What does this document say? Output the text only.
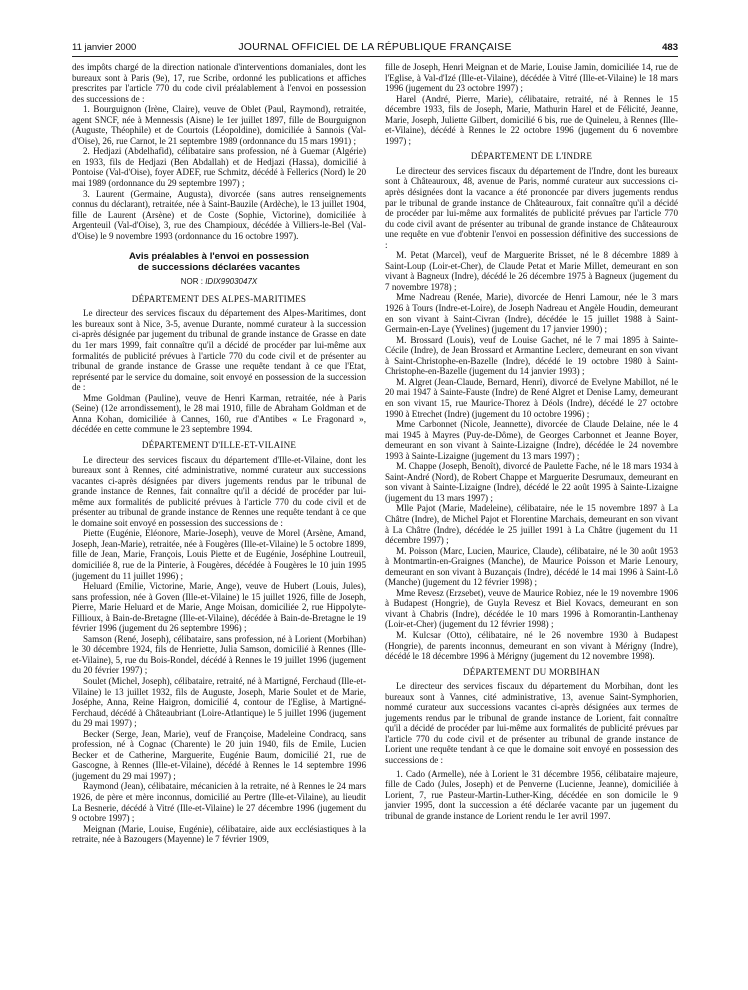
11 janvier 2000	JOURNAL OFFICIEL DE LA RÉPUBLIQUE FRANÇAISE	483

des impôts chargé de la direction nationale d'interventions domaniales, dont les bureaux sont à Paris (9e), 17, rue Scribe, ordonné les publications et affiches prescrites par l'article 770 du code civil préalablement à l'envoi en possession des successions de :

1. Bourguignon (Irène, Claire), veuve de Oblet (Paul, Raymond), retraitée, agent SNCF, née à Mennessis (Aisne) le 1er juillet 1897, fille de Bourguignon (Auguste, Théophile) et de Courtois (Léopoldine), domiciliée à Sannois (Val-d'Oise), 26, rue Carnot, le 21 septembre 1989 (ordonnance du 15 mars 1991) ;

2. Hedjazi (Abdelhafid), célibataire sans profession, né à Guemar (Algérie) en 1933, fils de Hedjazi (Ben Abdallah) et de Hedjazi (Hassa), domicilié à Pontoise (Val-d'Oise), foyer ADEF, rue Schmitz, décédé à Fellerics (Nord) le 20 mai 1989 (ordonnance du 29 septembre 1997) ;

3. Laurent (Germaine, Augusta), divorcée (sans autres renseignements connus du déclarant), retraitée, née à Saint-Bauzile (Ardèche), le 13 juillet 1904, fille de Laurent (Arsène) et de Coste (Sophie, Victorine), domiciliée à Argenteuil (Val-d'Oise), 3, rue des Champioux, décédée à Villiers-le-Bel (Val-d'Oise) le 9 novembre 1993 (ordonnance du 16 octobre 1997).

Avis préalables à l'envoi en possession
de successions déclarées vacantes
NOR : IDIX9903047X
DÉPARTEMENT DES ALPES-MARITIMES

Le directeur des services fiscaux du département des Alpes-Maritimes, dont les bureaux sont à Nice, 3-5, avenue Durante, nommé curateur à la succession ci-après désignée par jugement du tribunal de grande instance de Grasse en date du 1er mars 1999, fait connaître qu'il a décidé de procéder par lui-même aux formalités de publicité prévues à l'article 770 du code civil et de présenter au tribunal de grande instance de Grasse une requête tendant à ce que l'Etat, représenté par le service du domaine, soit envoyé en possession de la succession de :

Mme Goldman (Pauline), veuve de Henri Karman, retraitée, née à Paris (Seine) (12e arrondissement), le 28 mai 1910, fille de Abraham Goldman et de Anna Kohan, domiciliée à Cannes, 160, rue d'Antibes « Le Fragonard », décédée en cette commune le 23 septembre 1994.

DÉPARTEMENT D'ILLE-ET-VILAINE

Le directeur des services fiscaux du département d'Ille-et-Vilaine, dont les bureaux sont à Rennes, cité administrative, nommé curateur aux successions vacantes ci-après désignées par divers jugements rendus par le tribunal de grande instance de Rennes, fait connaître qu'il a décidé de procéder par lui-même aux formalités de publicité prévues à l'article 770 du code civil et de présenter au tribunal de grande instance de Rennes une requête tendant à ce que le domaine soit envoyé en possession des successions de :

Piette (Eugénie, Eléonore, Marie-Joseph), veuve de Morel (Arsène, Amand, Joseph, Jean-Marie), retraitée, née à Fougères (Ille-et-Vilaine) le 5 octobre 1899, fille de Jean, Marie, François, Louis Piette et de Eugénie, Joséphine Loutreuil, domiciliée 8, rue de la Pinterie, à Fougères, décédée à Fougères le 10 juin 1995 (jugement du 11 juillet 1996) ;

Heluard (Emilie, Victorine, Marie, Ange), veuve de Hubert (Louis, Jules), sans profession, née à Goven (Ille-et-Vilaine) le 15 juillet 1926, fille de Joseph, Pierre, Marie Heluard et de Marie, Ange Moisan, domiciliée 2, rue Hippolyte-Fillioux, à Bain-de-Bretagne (Ille-et-Vilaine), décédée à Bain-de-Bretagne le 19 février 1996 (jugement du 26 septembre 1996) ;

Samson (René, Joseph), célibataire, sans profession, né à Lorient (Morbihan) le 30 décembre 1924, fils de Henriette, Julia Samson, domicilié à Rennes (Ille-et-Vilaine), 5, rue du Bois-Rondel, décédé à Rennes le 19 juillet 1996 (jugement du 20 février 1997) ;

Soulet (Michel, Joseph), célibataire, retraité, né à Martigné, Ferchaud (Ille-et-Vilaine) le 13 juillet 1932, fils de Auguste, Joseph, Marie Soulet et de Marie, Joséphe, Anna, Reine Haigron, domicilié 4, contour de l'Eglise, à Martigné-Ferchaud, décédé à Châteaubriant (Loire-Atlantique) le 5 juillet 1996 (jugement du 29 mai 1997) ;

Becker (Serge, Jean, Marie), veuf de Françoise, Madeleine Condracq, sans profession, né à Cognac (Charente) le 20 juin 1940, fils de Emile, Lucien Becker et de Catherine, Marguerite, Eugénie Baum, domicilié 21, rue de Gascogne, à Rennes (Ille-et-Vilaine), décédé à Rennes le 14 septembre 1996 (jugement du 29 mai 1997) ;

Raymond (Jean), célibataire, mécanicien à la retraite, né à Rennes le 24 mars 1926, de père et mère inconnus, domicilié au Pertre (Ille-et-Vilaine), au lieudit La Besnerie, décédé à Vitré (Ille-et-Vilaine) le 27 décembre 1996 (jugement du 9 octobre 1997) ;

Meignan (Marie, Louise, Eugénie), célibataire, aide aux ecclésiastiques à la retraite, née à Bazougers (Mayenne) le 7 février 1909,

fille de Joseph, Henri Meignan et de Marie, Louise Jamin, domiciliée 14, rue de l'Eglise, à Val-d'Izé (Ille-et-Vilaine), décédée à Vitré (Ille-et-Vilaine) le 18 mars 1996 (jugement du 23 octobre 1997) ;

Harel (André, Pierre, Marie), célibataire, retraité, né à Rennes le 15 décembre 1933, fils de Joseph, Marie, Mathurin Harel et de Félicité, Jeanne, Marie, Joseph, Juliette Gilbert, domicilié 6 bis, rue de Quineleu, à Rennes (Ille-et-Vilaine), décédé à Rennes le 22 octobre 1996 (jugement du 6 novembre 1997) ;

DÉPARTEMENT DE L'INDRE

Le directeur des services fiscaux du département de l'Indre, dont les bureaux sont à Châteauroux, 48, avenue de Paris, nommé curateur aux successions ci-après désignées dont la vacance a été prononcée par divers jugements rendus par le tribunal de grande instance de Châteauroux, fait connaître qu'il a décidé de procéder par lui-même aux formalités de publicité prévues par l'article 770 du code civil avant de présenter au tribunal de grande instance de Châteauroux une requête en vue d'obtenir l'envoi en possession définitive des successions de :

M. Petat (Marcel), veuf de Marguerite Brisset, né le 8 décembre 1889 à Saint-Loup (Loir-et-Cher), de Claude Petat et Marie Millet, demeurant en son vivant à Bagneux (Indre), décédé le 26 décembre 1975 à Bagneux (jugement du 7 novembre 1978) ;

Mme Nadreau (Renée, Marie), divorcée de Henri Lamour, née le 3 mars 1926 à Tours (Indre-et-Loire), de Joseph Nadreau et Angèle Houdin, demeurant en son vivant à Saint-Civran (Indre), décédée le 15 juillet 1988 à Saint-Germain-en-Laye (Yvelines) (jugement du 17 janvier 1990) ;

M. Brossard (Louis), veuf de Louise Gachet, né le 7 mai 1895 à Sainte-Cécile (Indre), de Jean Brossard et Armantine Leclerc, demeurant en son vivant à Saint-Christophe-en-Bazelle (Indre), décédé le 19 octobre 1980 à Saint-Christophe-en-Bazelle (jugement du 14 janvier 1993) ;

M. Algret (Jean-Claude, Bernard, Henri), divorcé de Evelyne Mabillot, né le 20 mai 1947 à Sainte-Fauste (Indre) de René Algret et Denise Lamy, demeurant en son vivant 15, rue Maurice-Thorez à Déols (Indre), décédé le 27 octobre 1990 à Etrechet (Indre) (jugement du 10 octobre 1996) ;

Mme Carbonnet (Nicole, Jeannette), divorcée de Claude Delaine, née le 4 mai 1945 à Mayres (Puy-de-Dôme), de Georges Carbonnet et Jeanne Boyer, demeurant en son vivant à Sainte-Lizaigne (Indre), décédée le 24 novembre 1993 à Sainte-Lizaigne (jugement du 13 mars 1997) ;

M. Chappe (Joseph, Benoît), divorcé de Paulette Fache, né le 18 mars 1934 à Saint-André (Nord), de Robert Chappe et Marguerite Desrumaux, demeurant en son vivant à Sainte-Lizaigne (Indre), décédé le 22 août 1995 à Sainte-Lizaigne (jugement du 13 mars 1997) ;

Mlle Pajot (Marie, Madeleine), célibataire, née le 15 novembre 1897 à La Châtre (Indre), de Michel Pajot et Florentine Marchais, demeurant en son vivant à La Châtre (Indre), décédée le 25 juillet 1991 à La Châtre (jugement du 11 décembre 1997) ;

M. Poisson (Marc, Lucien, Maurice, Claude), célibataire, né le 30 août 1953 à Montmartin-en-Graignes (Manche), de Maurice Poisson et Marie Lenoury, demeurant en son vivant à Buzançais (Indre), décédé le 14 mai 1996 à Saint-Lô (Manche) (jugement du 12 février 1998) ;

Mme Revesz (Erzsebet), veuve de Maurice Robiez, née le 19 novembre 1906 à Budapest (Hongrie), de Guyla Revesz et Biel Kovacs, demeurant en son vivant à Chabris (Indre), décédée le 10 mars 1996 à Romorantin-Lanthenay (Loir-et-Cher) (jugement du 12 février 1998) ;

M. Kulcsar (Otto), célibataire, né le 26 novembre 1930 à Budapest (Hongrie), de parents inconnus, demeurant en son vivant à Mérigny (Indre), décédé le 18 décembre 1996 à Mérigny (jugement du 12 novembre 1998).

DÉPARTEMENT DU MORBIHAN

Le directeur des services fiscaux du département du Morbihan, dont les bureaux sont à Vannes, cité administrative, 13, avenue Saint-Symphorien, nommé curateur aux successions vacantes ci-après désignées aux termes de jugements rendus par le tribunal de grande instance de Lorient, fait connaître qu'il a décidé de procéder par lui-même aux formalités de publicité prévues par l'article 770 du code civil et de présenter au tribunal de grande instance de Lorient une requête tendant à ce que le domaine soit envoyé en possession des successions de :

1. Cado (Armelle), née à Lorient le 31 décembre 1956, célibataire majeure, fille de Cado (Jules, Joseph) et de Penverne (Lucienne, Jeanne), domiciliée à Lorient, 7, rue Pasteur-Martin-Luther-King, décédée en son domicile le 9 janvier 1995, dont la succession a été déclarée vacante par un jugement du tribunal de grande instance de Lorient rendu le 1er avril 1997.
